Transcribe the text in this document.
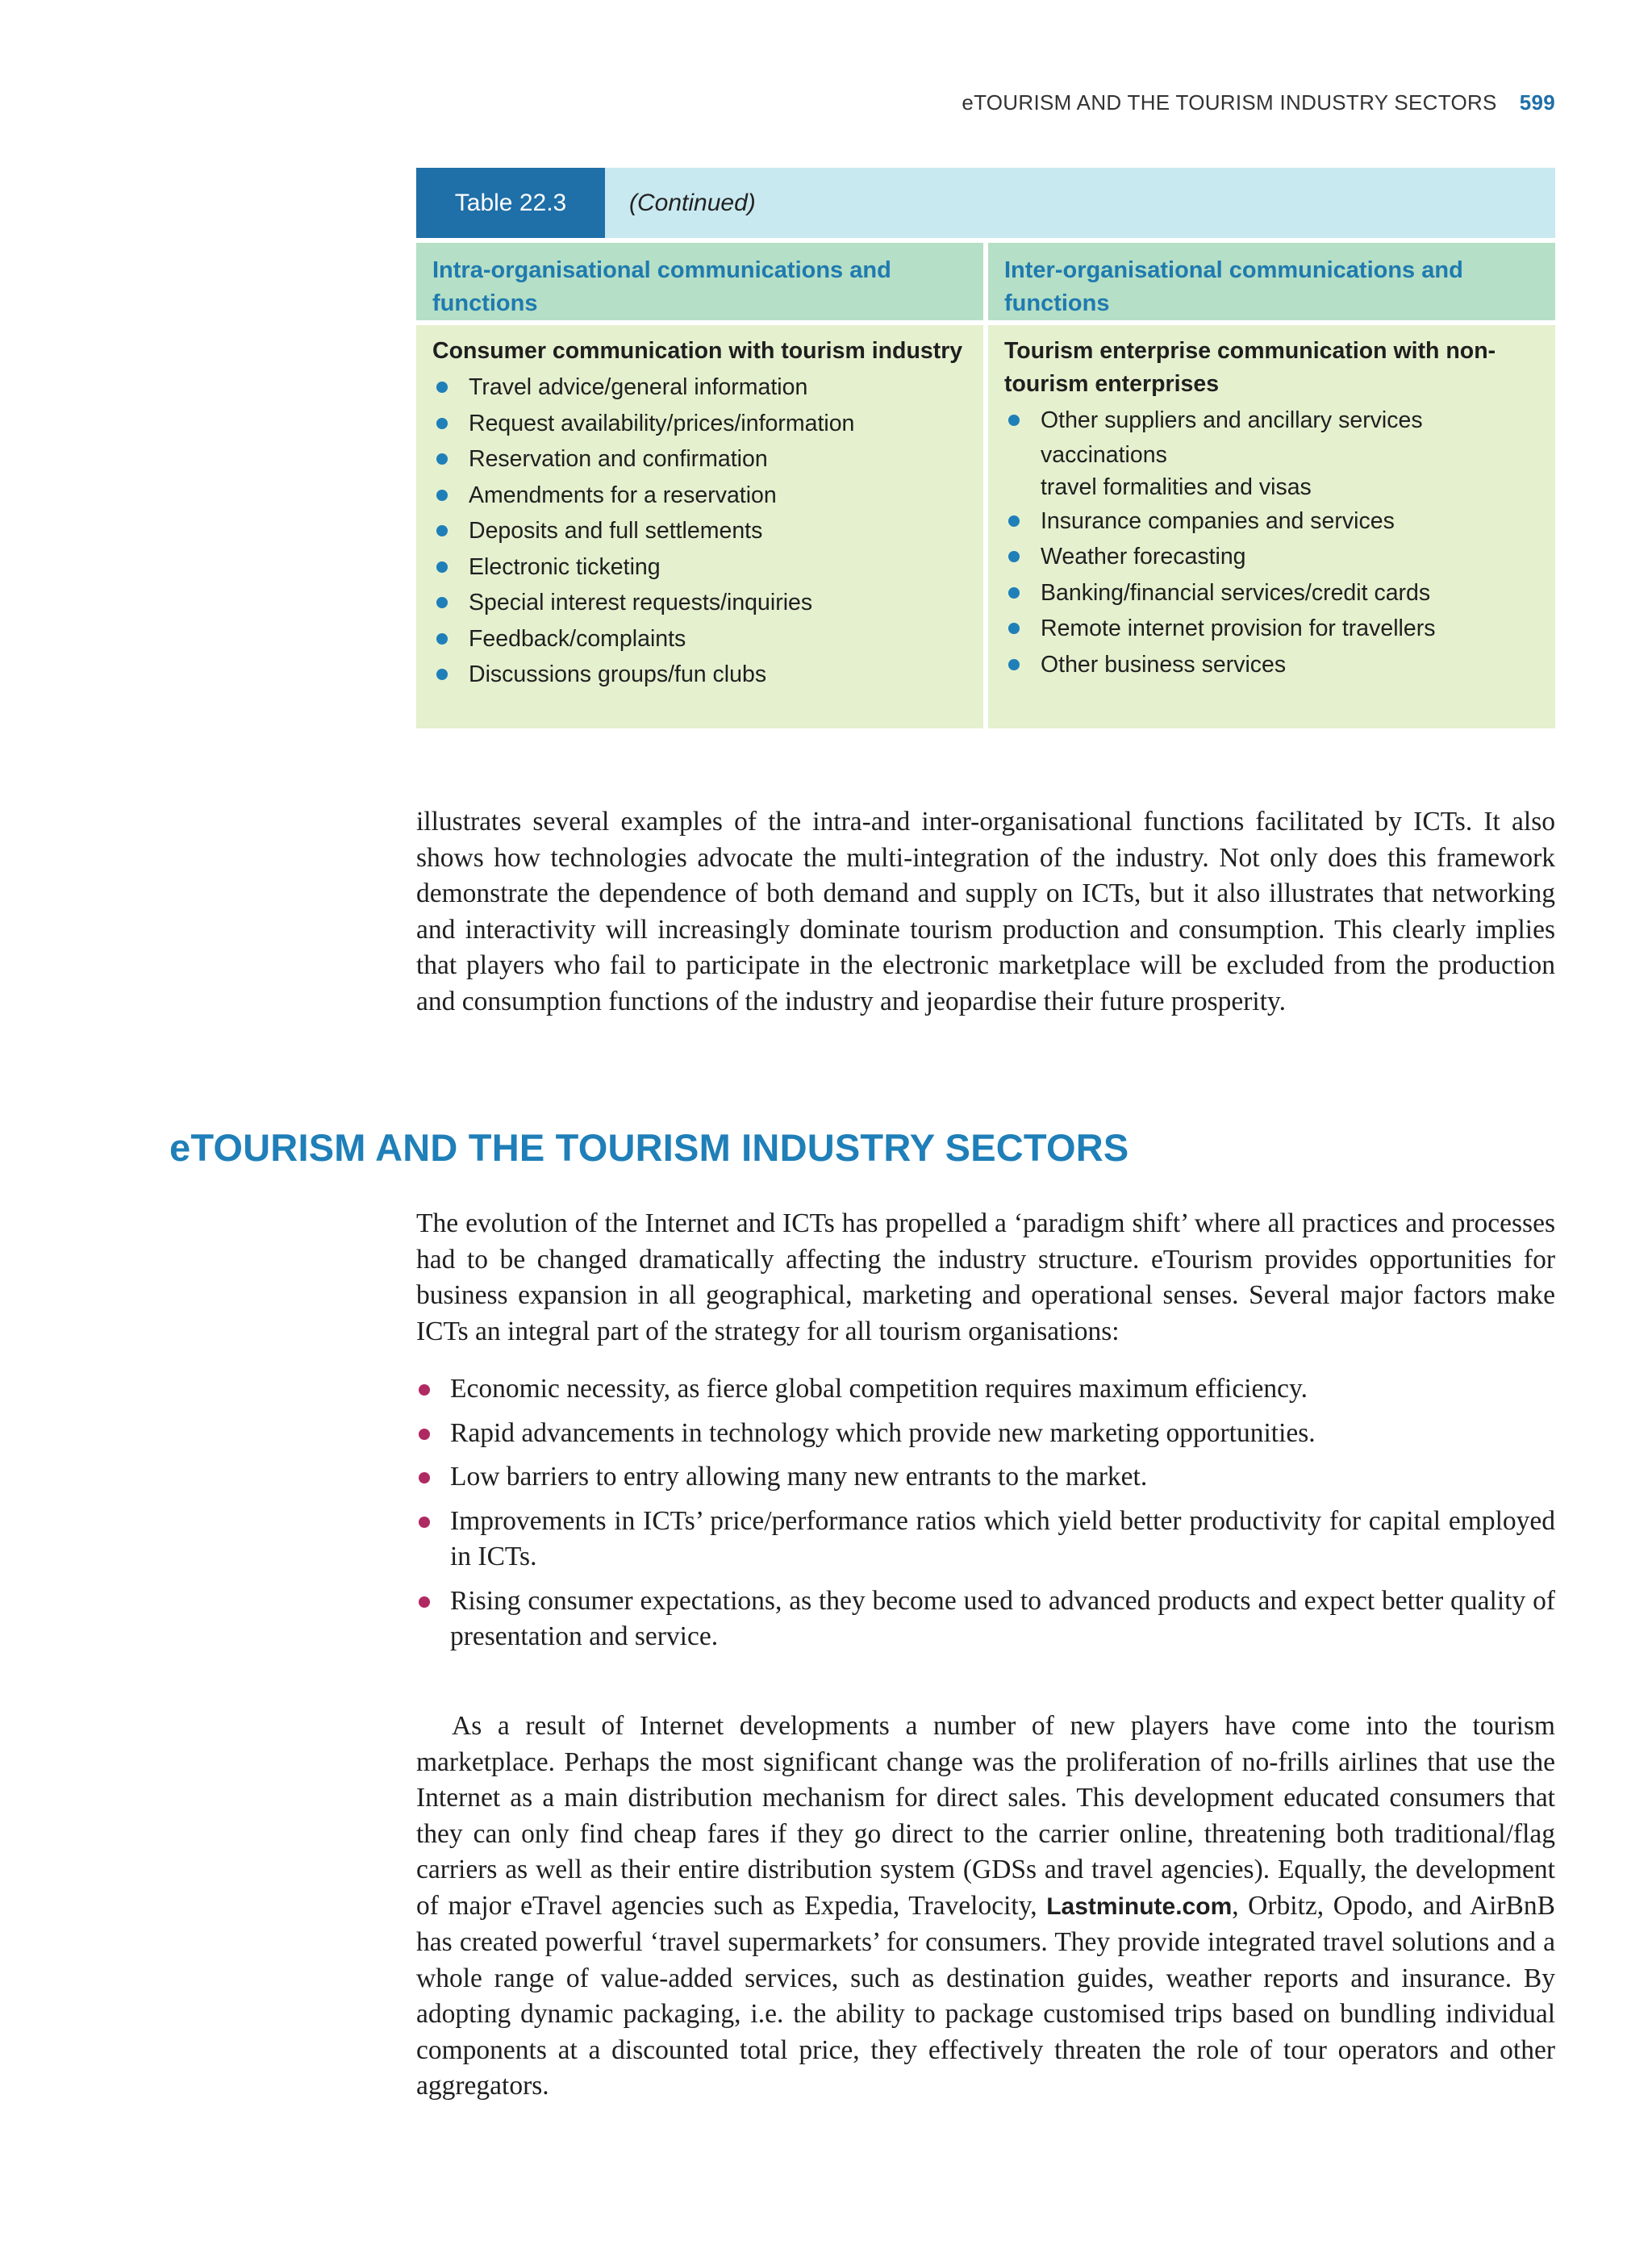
eTOURISM AND THE TOURISM INDUSTRY SECTORS 599
Table 22.3	(Continued)
Intra-organisational communications and functions
Consumer communication with tourism industry
Travel advice/general information
Request availability/prices/information
Reservation and confirmation
Amendments for a reservation
Deposits and full settlements
Electronic ticketing
Special interest requests/inquiries
Feedback/complaints
Discussions groups/fun clubs
Inter-organisational communications and functions
Tourism enterprise communication with non-tourism enterprises
Other suppliers and ancillary services
vaccinations
travel formalities and visas
Insurance companies and services
Weather forecasting
Banking/financial services/credit cards
Remote internet provision for travellers
Other business services

illustrates several examples of the intra-and inter-organisational functions facilitated by ICTs. It also shows how technologies advocate the multi-integration of the industry. Not only does this framework demonstrate the dependence of both demand and supply on ICTs, but it also illustrates that networking and interactivity will increasingly dominate tourism production and consumption. This clearly implies that players who fail to participate in the electronic marketplace will be excluded from the production and consumption functions of the industry and jeopardise their future prosperity.

eTOURISM AND THE TOURISM INDUSTRY SECTORS

The evolution of the Internet and ICTs has propelled a ‘paradigm shift’ where all practices and processes had to be changed dramatically affecting the industry structure. eTourism provides opportunities for business expansion in all geographical, marketing and operational senses. Several major factors make ICTs an integral part of the strategy for all tourism organisations:

Economic necessity, as fierce global competition requires maximum efficiency.
Rapid advancements in technology which provide new marketing opportunities.
Low barriers to entry allowing many new entrants to the market.
Improvements in ICTs’ price/performance ratios which yield better productivity for capital employed in ICTs.
Rising consumer expectations, as they become used to advanced products and expect better quality of presentation and service.

As a result of Internet developments a number of new players have come into the tourism marketplace. Perhaps the most significant change was the proliferation of no-frills airlines that use the Internet as a main distribution mechanism for direct sales. This development educated consumers that they can only find cheap fares if they go direct to the carrier online, threatening both traditional/flag carriers as well as their entire distribution system (GDSs and travel agencies). Equally, the development of major eTravel agencies such as Expedia, Travelocity, Lastminute.com, Orbitz, Opodo, and AirBnB has created powerful ‘travel supermarkets’ for consumers. They provide integrated travel solutions and a whole range of value-added services, such as destination guides, weather reports and insurance. By adopting dynamic packaging, i.e. the ability to package customised trips based on bundling individual components at a discounted total price, they effectively threaten the role of tour operators and other aggregators.
